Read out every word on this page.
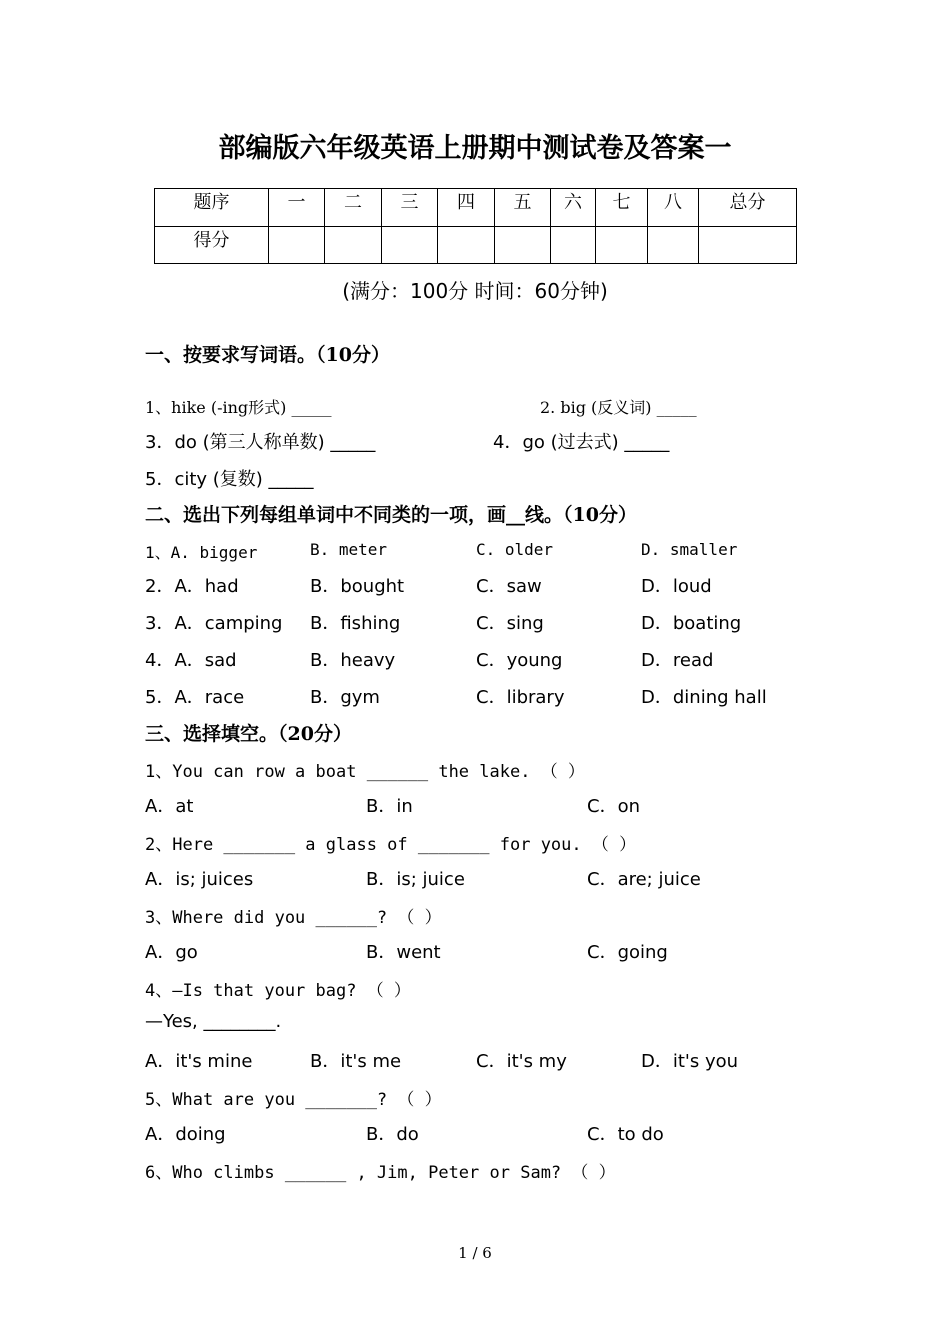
部编版六年级英语上册期中测试卷及答案一
题序	一	二	三	四	五	六	七	八	总分
得分									
(满分：100分 时间：60分钟)
一、按要求写词语。（10分）
1、hike (-ing形式) _____	2. big (反义词) _____
3．do (第三人称单数) _____	4．go (过去式) _____
5．city (复数) _____
二、选出下列每组单词中不同类的一项，画__线。（10分）
1、A. bigger	B. meter	C. older	D. smaller
2．A．had	B．bought	C．saw	D．loud
3．A．camping B．fishing	C．sing	D．boating
4．A．sad	B．heavy	C．young	D．read
5．A．race	B．gym	C．library	D．dining hall
三、选择填空。（20分）
1、You can row a boat ______ the lake. （ ）
A．at	B．in	C．on
2、Here _______ a glass of _______ for you. （ ）
A．is; juices	B．is; juice	C．are; juice
3、Where did you ______? （ ）
A．go	B．went	C．going
4、—Is that your bag? （ ）
—Yes, ________.
A．it's mine	B．it's me	C．it's my	D．it's you
5、What are you _______? （ ）
A．doing	B．do	C．to do
6、Who climbs ______ , Jim, Peter or Sam? （ ）
1 / 6
